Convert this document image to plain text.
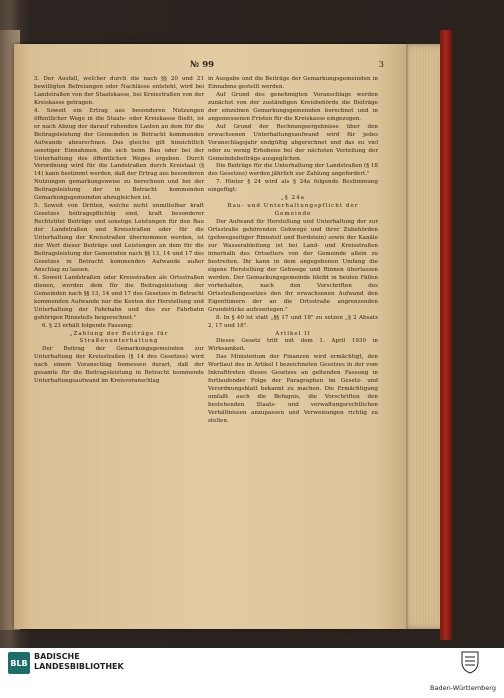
№ 99	3

3. Der Ausfall, welcher durch die nach §§ 20 und 21 bewilligten Befreiungen oder Nachlässe entsteht, wird bei Landstraßen von der Staatskasse, bei Kreisstraßen von der Kreiskasse getragen.

4. Soweit ein Ertrag aus besonderen Nutzungen öffentlicher Wege in die Staats- oder Kreiskasse fließt, ist er nach Abzug der darauf ruhenden Lasten an dem für die Beitragsleistung der Gemeinden in Betracht kommenden Aufwande abzurechnen. Das gleiche gilt hinsichtlich sonstiger Einnahmen, die sich beim Bau oder bei der Unterhaltung des öffentlichen Weges ergeben. Durch Verordnung wird für die Landstraßen durch Kreistaat (§ 14) kann bestimmt werden, daß der Ertrag aus besonderen Nutzungen gemarkungsweise zu berechnen und bei der Beitragsleistung der in Betracht kommenden Gemarkungsgemeinden abzugleichen ist.

5. Soweit von Dritten, welche nicht unmittelbar kraft Gesetzes beitragspflichtig sind, kraft besonderer Rechtstitel Beiträge und sonstige Leistungen für den Bau der Landstraßen und Kreisstraßen oder für die Unterhaltung der Kreisstraßen übernommen werden, ist der Wert dieser Beiträge und Leistungen an dem für die Beitragsleistung der Gemeinden nach §§ 13, 14 und 17 des Gesetzes in Betracht kommenden Aufwande außer Anschlag zu lassen.

6. Soweit Landstraßen oder Kreisstraßen als Ortsstraßen dienen, werden dem für die Beitragsleistung der Gemeinden nach §§ 13, 14 und 17 des Gesetzes in Betracht kommenden Aufwande nur die Kosten der Herstellung und Unterhaltung der Fahrbahn und des zur Fahrbahn gehörigen Rinnsteils beigerechnet."

6. § 23 erhält folgende Fassung:

„Zahlung der Beiträge für Straßenunterhaltung

Der Beitrag der Gemarkungsgemeinden zur Unterhaltung der Kreisstraßen (§ 14 des Gesetzes) wird nach einem Voranschlag bemessen derart, daß der gesamte für die Beitragsleistung in Betracht kommende Unterhaltungsaufwand im Kreisvoranschlag

in Ausgabe und die Beiträge der Gemarkungsgemeinden in Einnahme gestellt werden.

Auf Grund des genehmigten Voranschlags werden zunächst von der zuständigen Kreisbehörde die Beiträge der einzelnen Gemarkungsgemeinden berechnet und in angemessenen Fristen für die Kreiskasse eingezogen.

Auf Grund der Rechnungsergebnisse über den erwachsenen Unterhaltungsaufwand wird für jedes Voranschlagsjahr endgültig abgerechnet und das zu viel oder zu wenig Erhobene bei der nächsten Verteilung der Gemeindebeiträge ausgeglichen.

Die Beiträge für die Unterhaltung der Landstraßen (§ 18 des Gesetzes) werden jährlich zur Zahlung angefordert."

7. Hinter § 24 wird als § 24a folgende Bestimmung eingefügt:

„§ 24a

Bau- und Unterhaltungspflicht der Gemeinde

Der Aufwand für Herstellung und Unterhaltung der zur Ortsstraße gehörenden Gehwege und ihrer Zubehörden (gehwegseitiger Rinnsteil und Bordstein) sowie der Kanäle zur Wasserableitung ist bei Land- und Kreisstraßen innerhalb des Ortsetters von der Gemeinde allein zu bestreiten. Ihr kann in dem angegebenen Umfang die eigene Herstellung der Gehwege und Rinnen überlassen werden. Der Gemarkungsgemeinde bleibt in beiden Fällen vorbehalten, nach den Vorschriften des Ortsstraßengesetzes den ihr erwachsenen Aufwand den Eigentümern der an die Ortsstraße angrenzenden Grundstücke aufzuerlegen."

8. In § 40 ist statt „§§ 17 und 18" zu setzen „§ 2 Absatz 2, 17 und 18".

Artikel II

Dieses Gesetz tritt mit dem 1. April 1930 in Wirksamkeit.

Das Ministerium der Finanzen wird ermächtigt, den Wortlaut des in Artikel I bezeichneten Gesetzes in der vom Inkrafttreten dieses Gesetzes an geltenden Fassung in fortlaufender Folge der Paragraphen im Gesetz- und Verordnungsblatt bekannt zu machen. Die Ermächtigung umfaßt auch die Befugnis, die Vorschriften den bestehenden Staats- und verwaltungsrechtlichen Verhältnissen anzupassen und Verweisungen richtig zu stellen.

BLB
BADISCHE
LANDESBIBLIOTHEK
Baden-Württemberg
